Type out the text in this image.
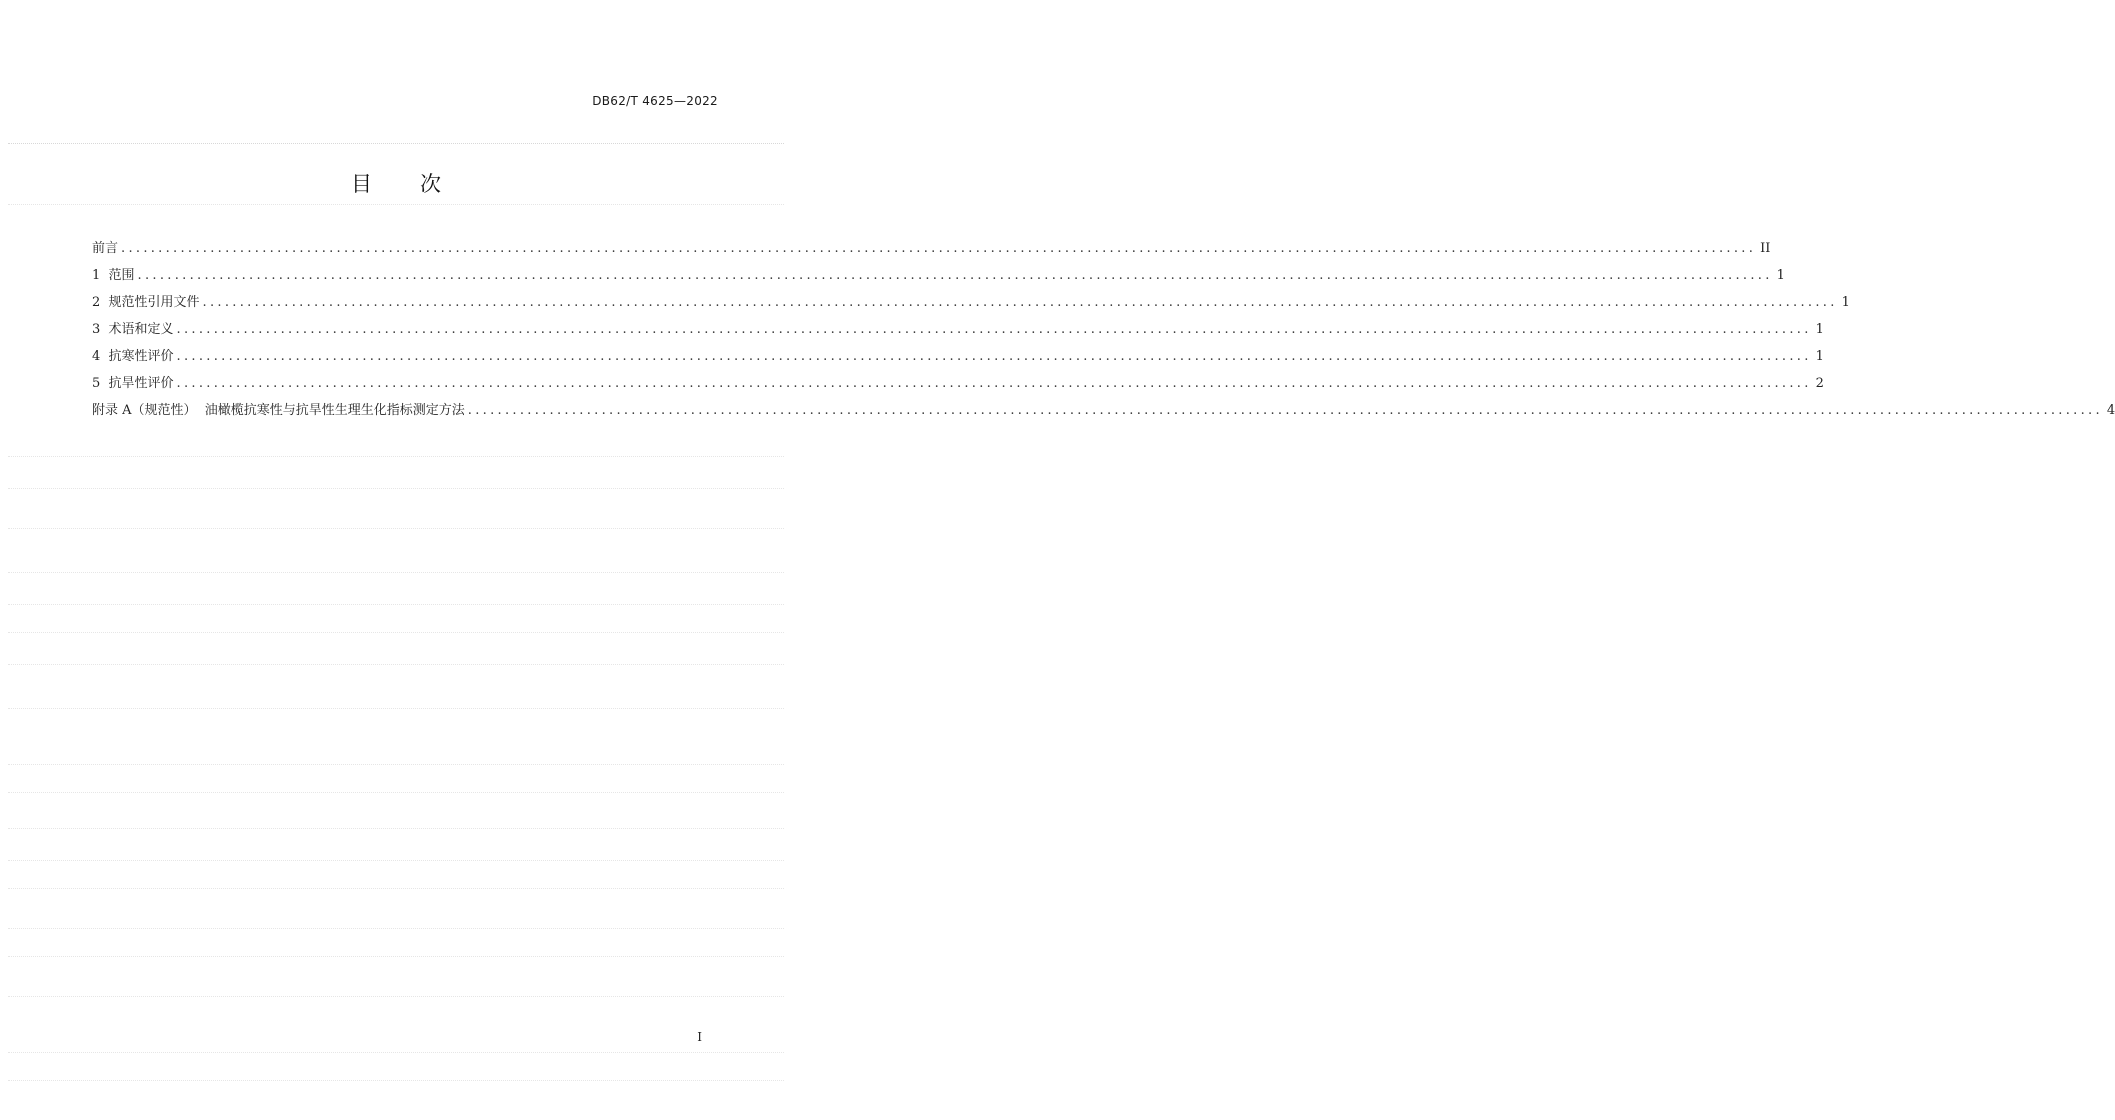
DB62/T 4625—2022
目 次
前言 ............................................................................................................................................................................................................................ II
1  范围 ............................................................................................................................................................................................................................ 1
2  规范性引用文件 ............................................................................................................................................................................................................................ 1
3  术语和定义 ............................................................................................................................................................................................................................ 1
4  抗寒性评价 ............................................................................................................................................................................................................................ 1
5  抗旱性评价 ............................................................................................................................................................................................................................ 2
附录 A（规范性）  油橄榄抗寒性与抗旱性生理生化指标测定方法 ............................................................................................................................................................................................................................ 4
I
